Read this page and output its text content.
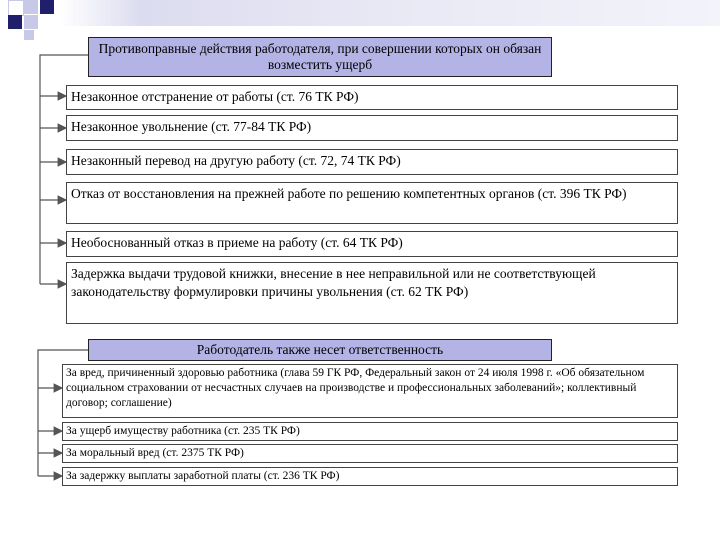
Противоправные действия работодателя, при совершении которых он обязан возместить ущерб
Незаконное отстранение от работы (ст. 76 ТК РФ)
Незаконное увольнение (ст. 77-84 ТК РФ)
Незаконный перевод на другую работу (ст. 72, 74 ТК РФ)
Отказ от восстановления на прежней работе по решению компетентных органов (ст. 396 ТК РФ)
Необоснованный отказ в приеме на работу (ст. 64 ТК РФ)
Задержка выдачи трудовой книжки, внесение в нее неправильной или не соответствующей законодательству формулировки причины увольнения (ст. 62 ТК РФ)
Работодатель также несет ответственность
За вред, причиненный здоровью работника (глава 59 ГК РФ, Федеральный закон от 24 июля 1998 г. «Об обязательном социальном страховании от несчастных случаев на производстве и профессиональных заболеваний»; коллективный договор; соглашение)
За ущерб имуществу работника (ст. 235 ТК РФ)
За моральный вред (ст. 2375 ТК РФ)
За задержку выплаты заработной платы (ст. 236 ТК РФ)
